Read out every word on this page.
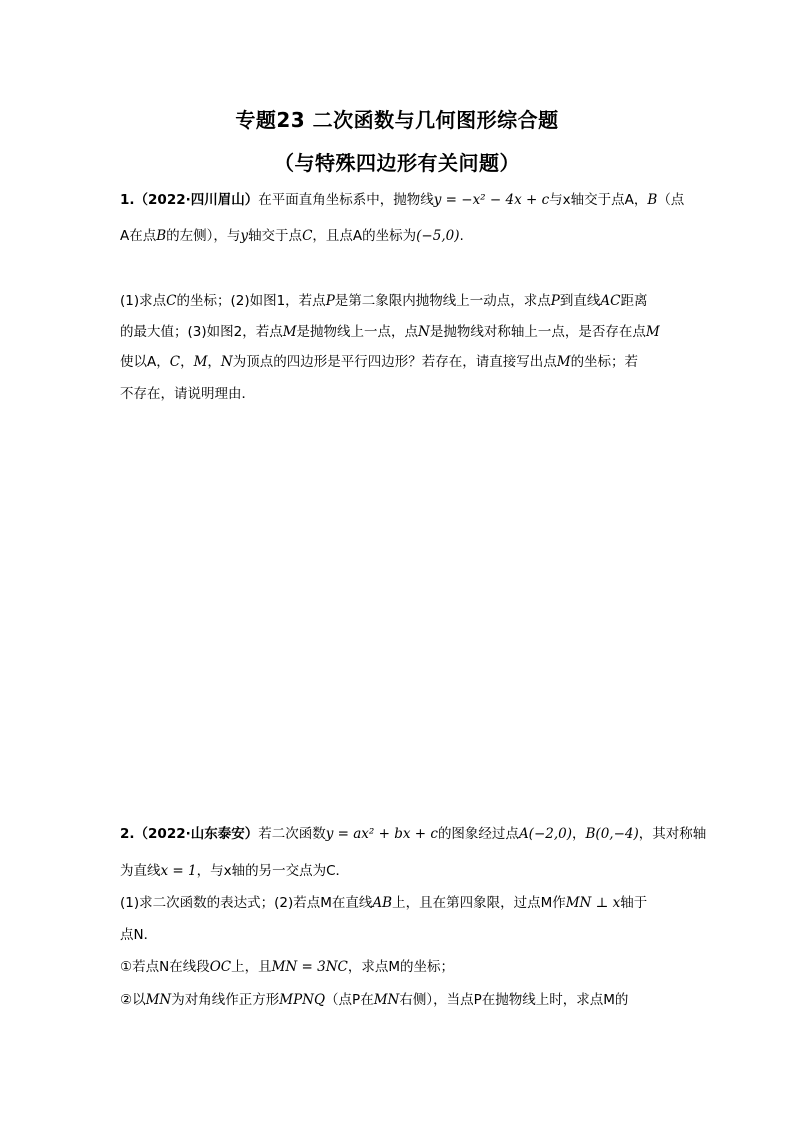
专题23 二次函数与几何图形综合题
（与特殊四边形有关问题）
1.（2022·四川眉山）在平面直角坐标系中，抛物线y = −x² − 4x + c与x轴交于点A，B（点
A在点B的左侧），与y轴交于点C，且点A的坐标为(−5,0).
(1)求点C的坐标；(2)如图1，若点P是第二象限内抛物线上一动点，求点P到直线AC距离
的最大值；(3)如图2，若点M是抛物线上一点，点N是抛物线对称轴上一点，是否存在点M
使以A，C，M，N为顶点的四边形是平行四边形？若存在，请直接写出点M的坐标；若
不存在，请说明理由．
2.（2022·山东泰安）若二次函数y = ax² + bx + c的图象经过点A(−2,0)，B(0,−4)，其对称轴
为直线x = 1，与x轴的另一交点为C．
(1)求二次函数的表达式；(2)若点M在直线AB上，且在第四象限，过点M作MN ⊥ x轴于
点N．
①若点N在线段OC上，且MN = 3NC，求点M的坐标；
②以MN为对角线作正方形MPNQ（点P在MN右侧），当点P在抛物线上时，求点M的
